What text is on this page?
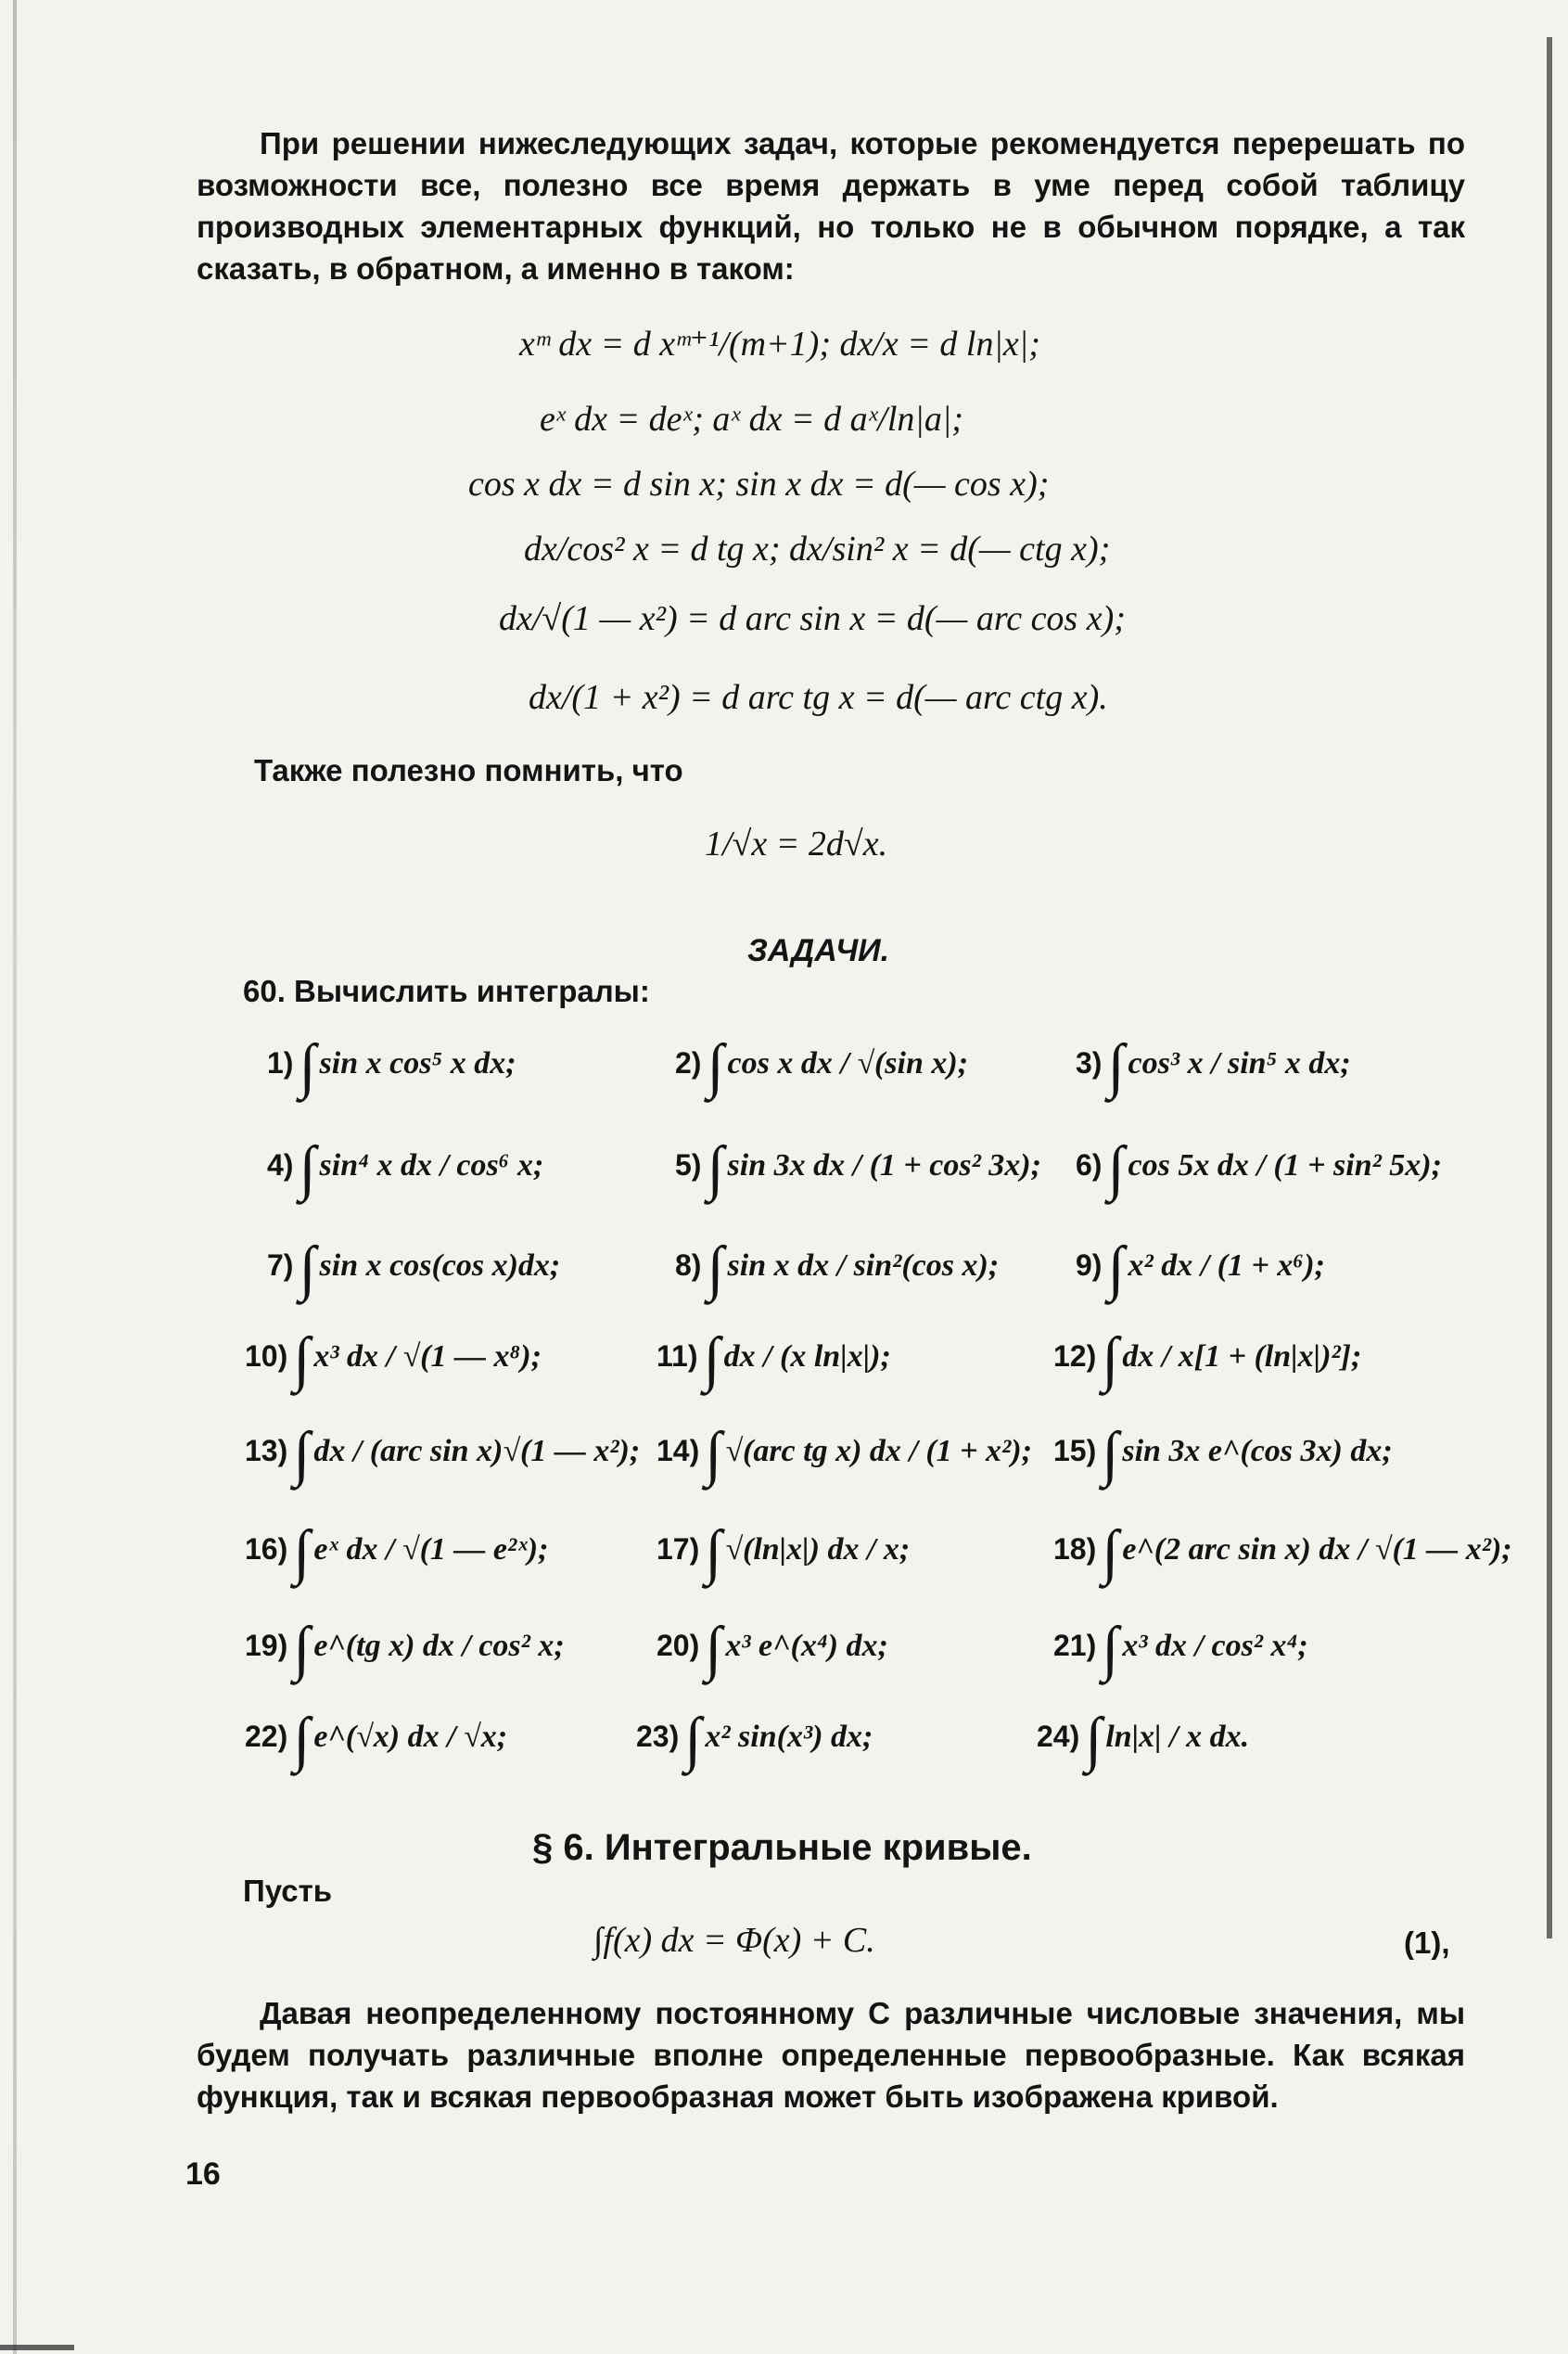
При решении нижеследующих задач, которые рекомендуется перерешать по возможности все, полезно все время держать в уме перед собой таблицу производных элементарных функций, но только не в обычном порядке, а так сказать, в обратном, а именно в таком:

xᵐ dx = d xᵐ⁺¹/(m+1); dx/x = d ln|x|;
eˣ dx = deˣ; aˣ dx = d aˣ/ln|a|;
cos x dx = d sin x; sin x dx = d(— cos x);
dx/cos² x = d tg x; dx/sin² x = d(— ctg x);
dx/√(1 — x²) = d arc sin x = d(— arc cos x);
dx/(1 + x²) = d arc tg x = d(— arc ctg x).
Также полезно помнить, что
1/√x = 2d√x.
ЗАДАЧИ.
60. Вычислить интегралы:
1)∫ sin x cos⁵ x dx;	2)∫ cos x dx / √(sin x);	3)∫ cos³ x / sin⁵ x dx;
4)∫ sin⁴ x dx / cos⁶ x;	5)∫ sin 3x dx / (1 + cos² 3x); 6)∫ cos 5x dx / (1 + sin² 5x);
7)∫ sin x cos(cos x)dx;	8)∫ sin x dx / sin²(cos x);	9)∫ x² dx / (1 + x⁶);
10)∫ x³ dx / √(1 — x⁸);	11)∫ dx / (x ln|x|);	12)∫ dx / x[1 + (ln|x|)²];
13)∫ dx / (arc sin x)√(1 — x²); 14)∫ √(arc tg x) dx / (1 + x²); 15)∫ sin 3x e^(cos 3x) dx;
16)∫ eˣ dx / √(1 — e²ˣ);	17)∫ √(ln|x|) dx / x;	18)∫ e^(2 arc sin x) dx / √(1 — x²);
19)∫ e^(tg x) dx / cos² x;	20)∫ x³ e^(x⁴) dx;	21)∫ x³ dx / cos² x⁴;
22)∫ e^(√x) dx / √x;	23)∫ x² sin(x³) dx;	24)∫ ln|x| / x dx.
§ 6. Интегральные кривые.
Пусть
∫f(x) dx = Φ(x) + C.	(1),

Давая неопределенному постоянному C различные числовые значения, мы будем получать различные вполне определенные первообразные. Как всякая функция, так и всякая первообразная может быть изображена кривой.

16
